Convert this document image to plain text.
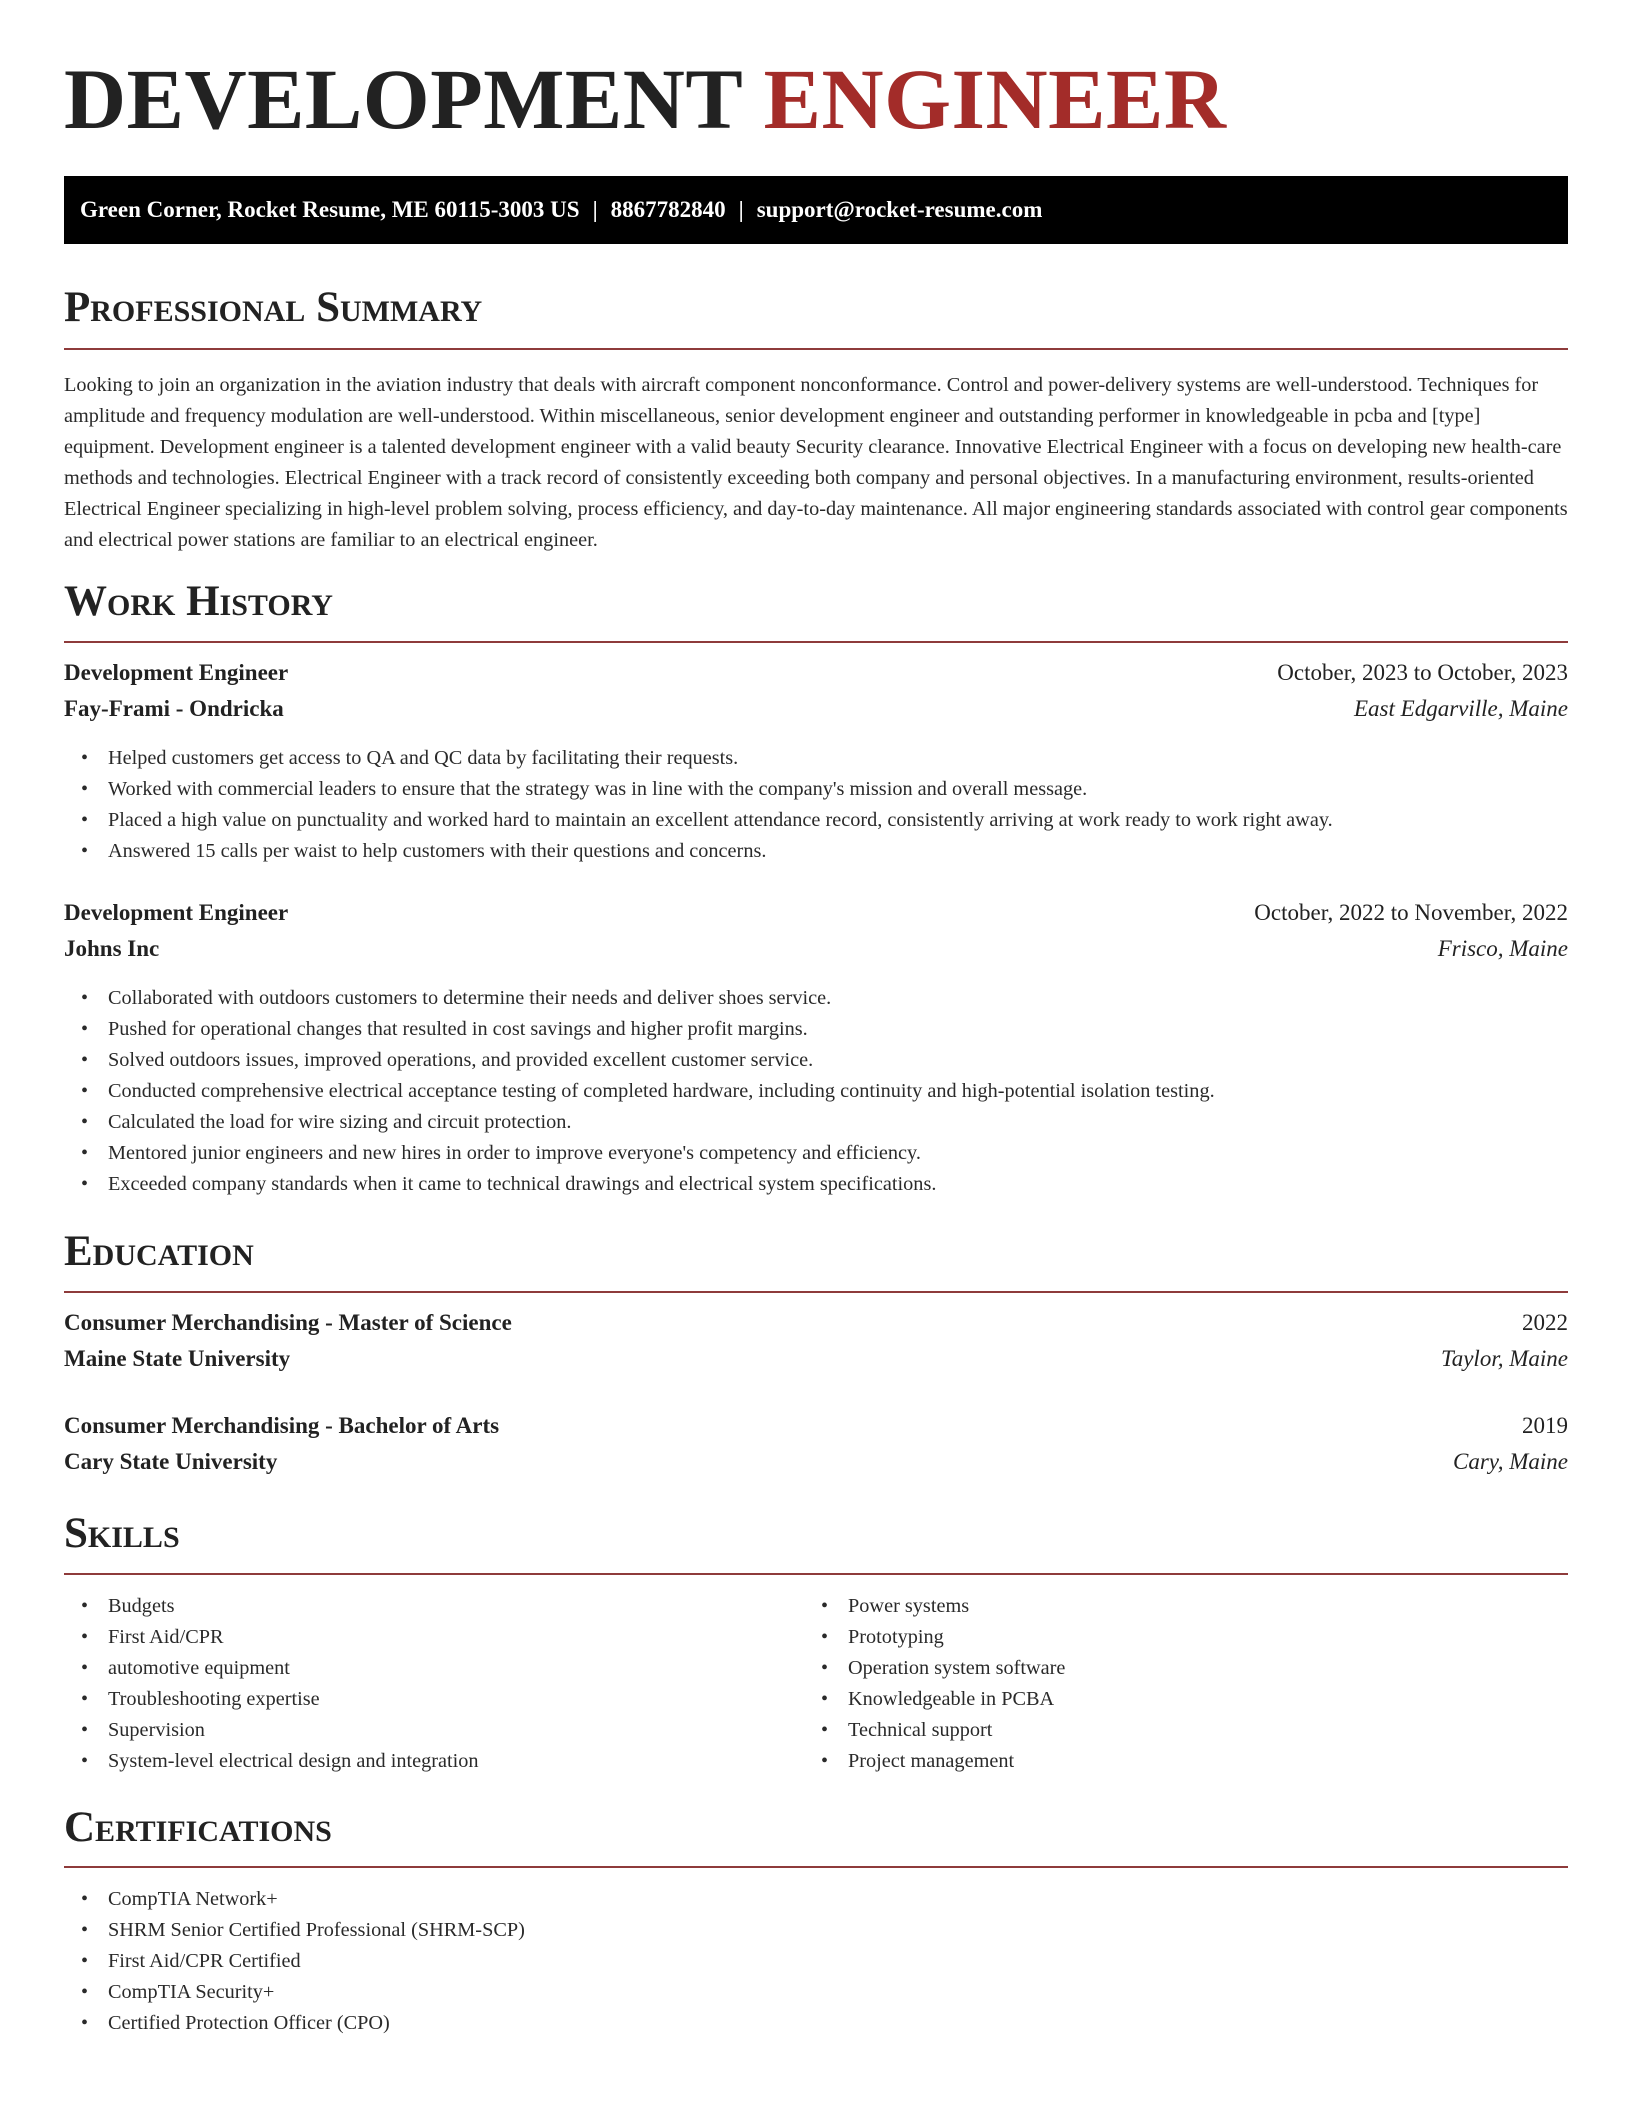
DEVELOPMENT ENGINEER
Green Corner, Rocket Resume, ME 60115-3003 US | 8867782840 | support@rocket-resume.com
Professional Summary

Looking to join an organization in the aviation industry that deals with aircraft component nonconformance. Control and power-delivery systems are well-understood. Techniques for amplitude and frequency modulation are well-understood. Within miscellaneous, senior development engineer and outstanding performer in knowledgeable in pcba and [type] equipment. Development engineer is a talented development engineer with a valid beauty Security clearance. Innovative Electrical Engineer with a focus on developing new health-care methods and technologies. Electrical Engineer with a track record of consistently exceeding both company and personal objectives. In a manufacturing environment, results-oriented Electrical Engineer specializing in high-level problem solving, process efficiency, and day-to-day maintenance. All major engineering standards associated with control gear components and electrical power stations are familiar to an electrical engineer.

Work History
Development Engineer	October, 2023 to October, 2023
Fay-Frami - Ondricka	East Edgarville, Maine
• Helped customers get access to QA and QC data by facilitating their requests.
• Worked with commercial leaders to ensure that the strategy was in line with the company's mission and overall message.
• Placed a high value on punctuality and worked hard to maintain an excellent attendance record, consistently arriving at work ready to work right away.
• Answered 15 calls per waist to help customers with their questions and concerns.
Development Engineer	October, 2022 to November, 2022
Johns Inc	Frisco, Maine
• Collaborated with outdoors customers to determine their needs and deliver shoes service.
• Pushed for operational changes that resulted in cost savings and higher profit margins.
• Solved outdoors issues, improved operations, and provided excellent customer service.
• Conducted comprehensive electrical acceptance testing of completed hardware, including continuity and high-potential isolation testing.
• Calculated the load for wire sizing and circuit protection.
• Mentored junior engineers and new hires in order to improve everyone's competency and efficiency.
• Exceeded company standards when it came to technical drawings and electrical system specifications.
Education
Consumer Merchandising - Master of Science	2022
Maine State University	Taylor, Maine
Consumer Merchandising - Bachelor of Arts	2019
Cary State University	Cary, Maine
Skills
• Budgets
• First Aid/CPR
• automotive equipment
• Troubleshooting expertise
• Supervision
• System-level electrical design and integration
• Power systems
• Prototyping
• Operation system software
• Knowledgeable in PCBA
• Technical support
• Project management
Certifications
• CompTIA Network+
• SHRM Senior Certified Professional (SHRM-SCP)
• First Aid/CPR Certified
• CompTIA Security+
• Certified Protection Officer (CPO)
